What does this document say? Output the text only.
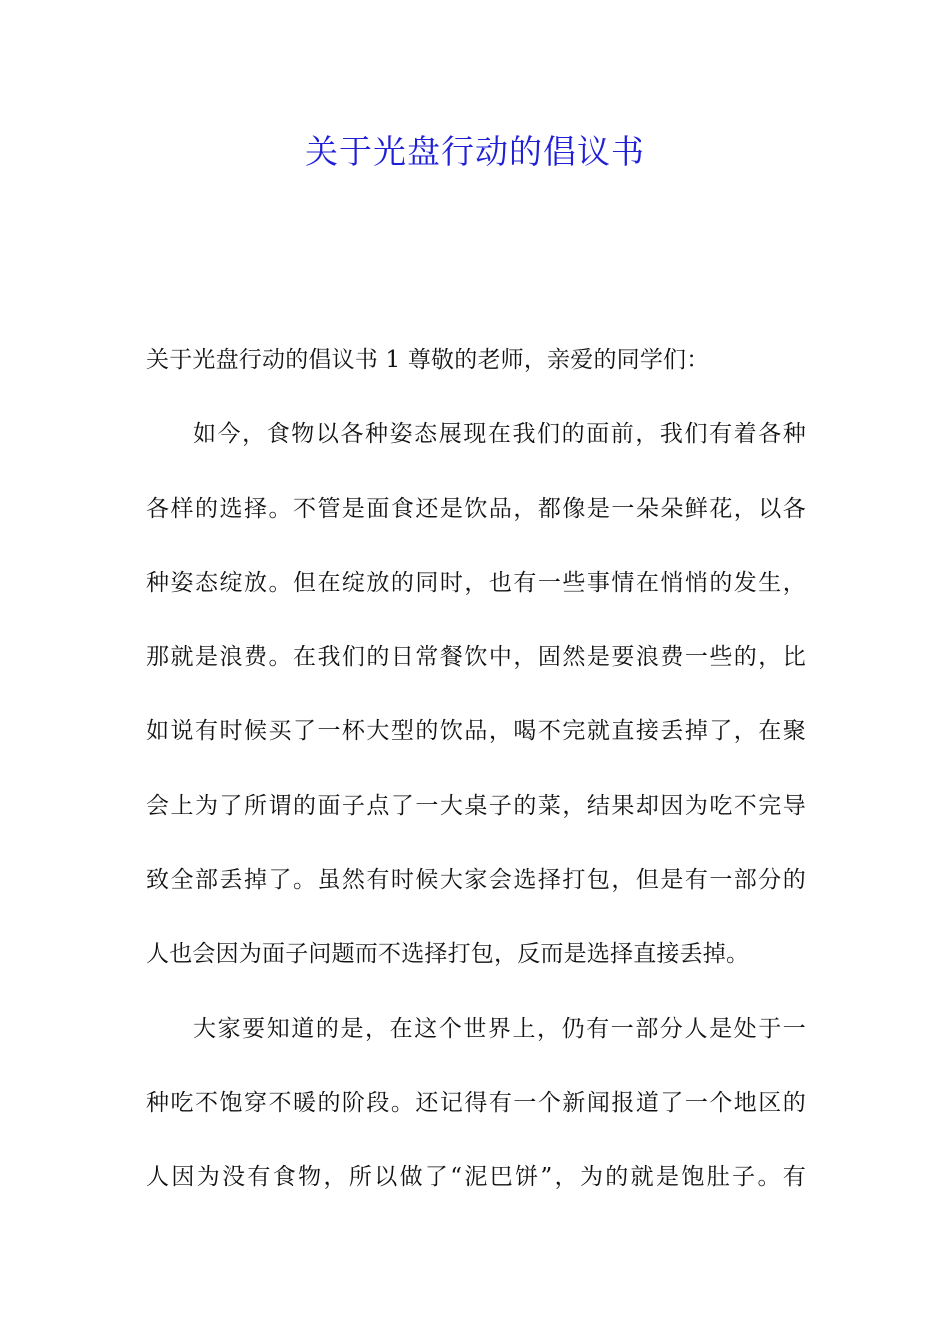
关于光盘行动的倡议书
关于光盘行动的倡议书 1 尊敬的老师，亲爱的同学们：
如今，食物以各种姿态展现在我们的面前，我们有着各种
各样的选择。不管是面食还是饮品，都像是一朵朵鲜花，以各
种姿态绽放。但在绽放的同时，也有一些事情在悄悄的发生，
那就是浪费。在我们的日常餐饮中，固然是要浪费一些的，比
如说有时候买了一杯大型的饮品，喝不完就直接丢掉了，在聚
会上为了所谓的面子点了一大桌子的菜，结果却因为吃不完导
致全部丢掉了。虽然有时候大家会选择打包，但是有一部分的
人也会因为面子问题而不选择打包，反而是选择直接丢掉。
大家要知道的是，在这个世界上，仍有一部分人是处于一
种吃不饱穿不暖的阶段。还记得有一个新闻报道了一个地区的
人因为没有食物，所以做了“泥巴饼”，为的就是饱肚子。有
